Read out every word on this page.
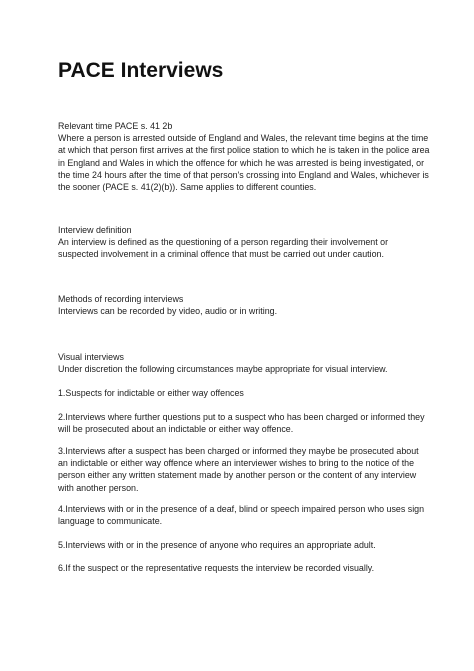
PACE Interviews

Relevant time PACE s. 41 2b

Where a person is arrested outside of England and Wales, the relevant time begins at the time at which that person first arrives at the first police station to which he is taken in the police area in England and Wales in which the offence for which he was arrested is being investigated, or the time 24 hours after the time of that person's crossing into England and Wales, whichever is the sooner (PACE s. 41(2)(b)). Same applies to different counties.

Interview definition

An interview is defined as the questioning of a person regarding their involvement or suspected involvement in a criminal offence that must be carried out under caution.

Methods of recording interviews

Interviews can be recorded by video, audio or in writing.

Visual interviews

Under discretion the following circumstances maybe appropriate for visual interview.

1.Suspects for indictable or either way offences

2.Interviews where further questions put to a suspect who has been charged or informed they will be prosecuted about an indictable or either way offence.

3.Interviews after a suspect has been charged or informed they maybe be prosecuted about an indictable or either way offence where an interviewer wishes to bring to the notice of the person either any written statement made by another person or the content of any interview with another person.

4.Interviews with or in the presence of a deaf, blind or speech impaired person who uses sign language to communicate.

5.Interviews with or in the presence of anyone who requires an appropriate adult.

6.If the suspect or the representative requests the interview be recorded visually.
